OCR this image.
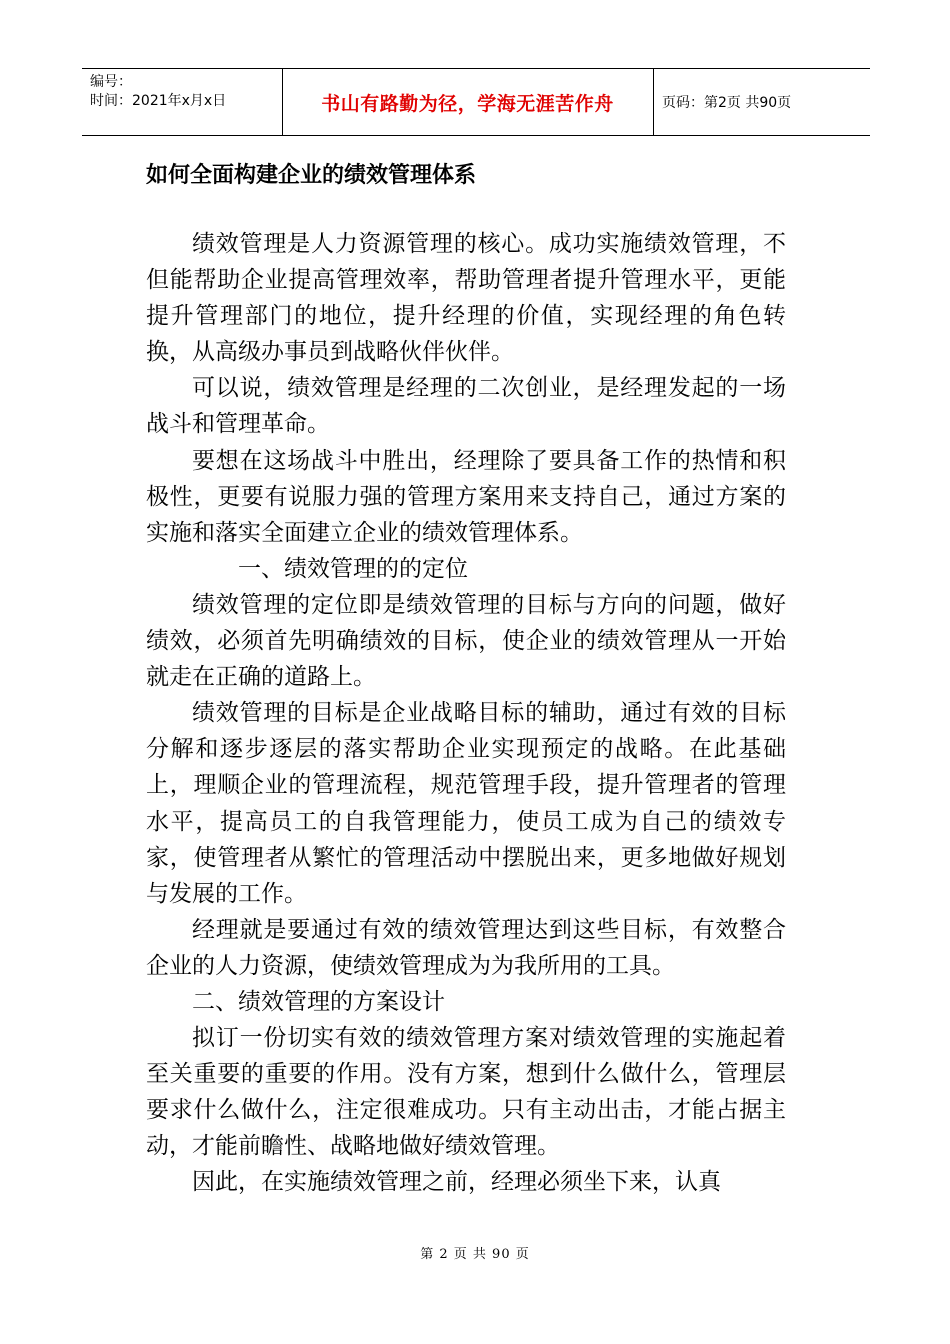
编号：
时间：2021年x月x日	书山有路勤为径，学海无涯苦作舟	页码：第2页 共90页
如何全面构建企业的绩效管理体系

绩效管理是人力资源管理的核心。成功实施绩效管理，不但能帮助企业提高管理效率，帮助管理者提升管理水平，更能提升管理部门的地位，提升经理的价值，实现经理的角色转换，从高级办事员到战略伙伴伙伴。

可以说，绩效管理是经理的二次创业，是经理发起的一场战斗和管理革命。

要想在这场战斗中胜出，经理除了要具备工作的热情和积极性，更要有说服力强的管理方案用来支持自己，通过方案的实施和落实全面建立企业的绩效管理体系。

一、绩效管理的的定位

绩效管理的定位即是绩效管理的目标与方向的问题，做好绩效，必须首先明确绩效的目标，使企业的绩效管理从一开始就走在正确的道路上。

绩效管理的目标是企业战略目标的辅助，通过有效的目标分解和逐步逐层的落实帮助企业实现预定的战略。在此基础上，理顺企业的管理流程，规范管理手段，提升管理者的管理水平，提高员工的自我管理能力，使员工成为自己的绩效专家，使管理者从繁忙的管理活动中摆脱出来，更多地做好规划与发展的工作。

经理就是要通过有效的绩效管理达到这些目标，有效整合企业的人力资源，使绩效管理成为为我所用的工具。

二、绩效管理的方案设计

拟订一份切实有效的绩效管理方案对绩效管理的实施起着至关重要的重要的作用。没有方案，想到什么做什么，管理层要求什么做什么，注定很难成功。只有主动出击，才能占据主动，才能前瞻性、战略地做好绩效管理。

因此，在实施绩效管理之前，经理必须坐下来，认真

第 2 页 共 90 页
